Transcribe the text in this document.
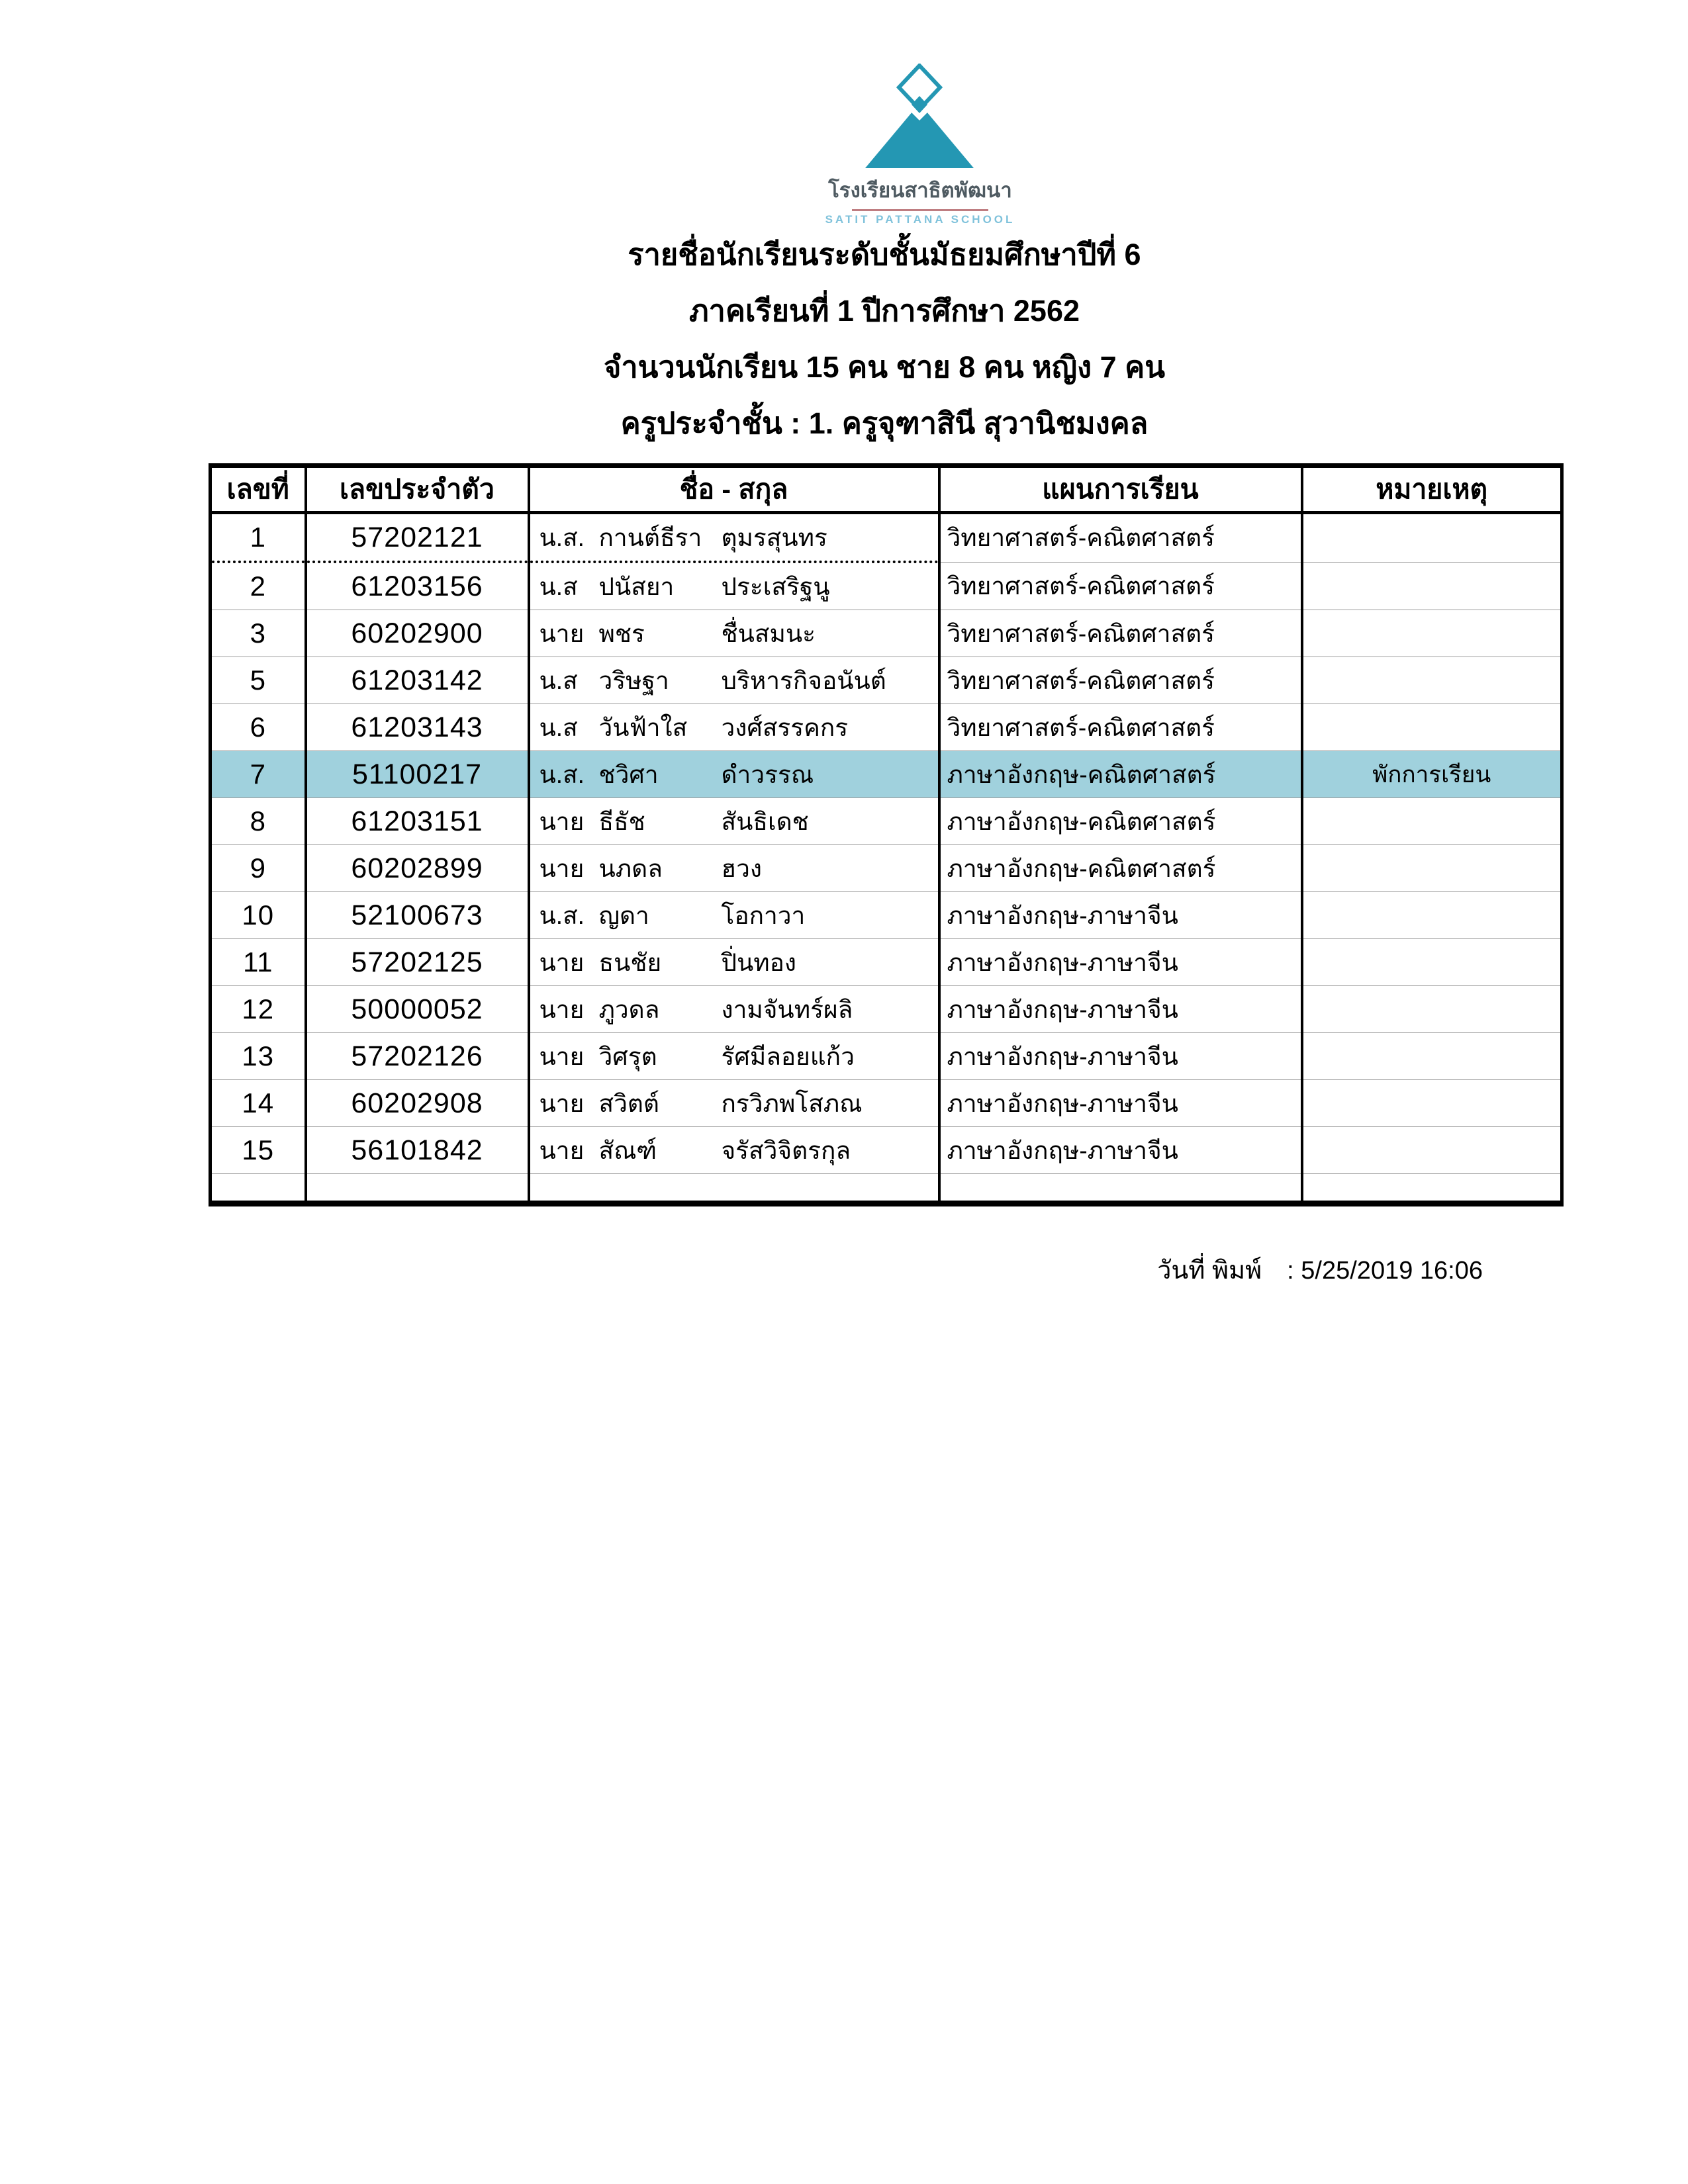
โรงเรียนสาธิตพัฒนา
SATIT PATTANA SCHOOL
รายชื่อนักเรียนระดับชั้นมัธยมศึกษาปีที่ 6
ภาคเรียนที่ 1 ปีการศึกษา 2562
จำนวนนักเรียน 15 คน ชาย 8 คน หญิง 7 คน
ครูประจำชั้น : 1. ครูจุฑาสินี สุวานิชมงคล
เลขที่	เลขประจำตัว	ชื่อ - สกุล	แผนการเรียน	หมายเหตุ
1	57202121	น.ส. กานต์ธีรา ตุมรสุนทร	วิทยาศาสตร์-คณิตศาสตร์	
2	61203156	น.ส ปนัสยา ประเสริฐนู	วิทยาศาสตร์-คณิตศาสตร์	
3	60202900	นาย พชร ชื่นสมนะ	วิทยาศาสตร์-คณิตศาสตร์	
5	61203142	น.ส วริษฐา บริหารกิจอนันต์	วิทยาศาสตร์-คณิตศาสตร์	
6	61203143	น.ส วันฟ้าใส วงศ์สรรคกร	วิทยาศาสตร์-คณิตศาสตร์	
7	51100217	น.ส. ชวิศา ดำวรรณ	ภาษาอังกฤษ-คณิตศาสตร์	พักการเรียน
8	61203151	นาย ธีธัช สันธิเดช	ภาษาอังกฤษ-คณิตศาสตร์	
9	60202899	นาย นภดล ฮวง	ภาษาอังกฤษ-คณิตศาสตร์	
10	52100673	น.ส. ญดา โอกาวา	ภาษาอังกฤษ-ภาษาจีน	
11	57202125	นาย ธนชัย ปิ่นทอง	ภาษาอังกฤษ-ภาษาจีน	
12	50000052	นาย ภูวดล งามจันทร์ผลิ	ภาษาอังกฤษ-ภาษาจีน	
13	57202126	นาย วิศรุต รัศมีลอยแก้ว	ภาษาอังกฤษ-ภาษาจีน	
14	60202908	นาย สวิตต์ กรวิภพโสภณ	ภาษาอังกฤษ-ภาษาจีน	
15	56101842	นาย สัณฑ์ จรัสวิจิตรกุล	ภาษาอังกฤษ-ภาษาจีน	

วันที่ พิมพ์ : 5/25/2019 16:06
